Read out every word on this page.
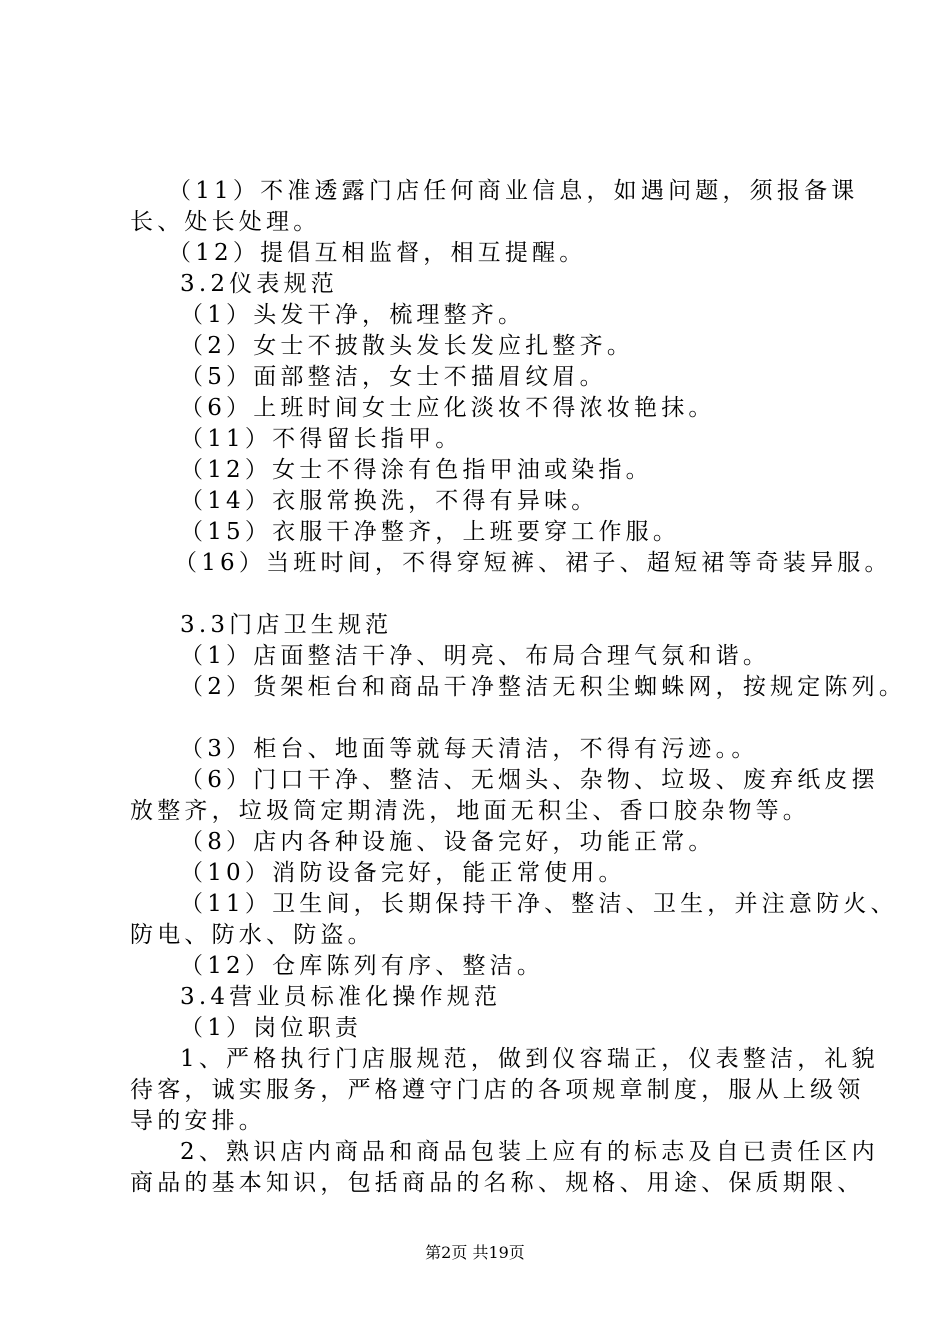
（11）不准透露门店任何商业信息，如遇问题，须报备课
长、处长处理。
（12）提倡互相监督，相互提醒。
3.2仪表规范
（1）头发干净，梳理整齐。
（2）女士不披散头发长发应扎整齐。
（5）面部整洁，女士不描眉纹眉。
（6）上班时间女士应化淡妆不得浓妆艳抹。
（11）不得留长指甲。
（12）女士不得涂有色指甲油或染指。
（14）衣服常换洗，不得有异味。
（15）衣服干净整齐，上班要穿工作服。
（16）当班时间，不得穿短裤、裙子、超短裙等奇装异服。
3.3门店卫生规范
（1）店面整洁干净、明亮、布局合理气氛和谐。
（2）货架柜台和商品干净整洁无积尘蜘蛛网，按规定陈列。
（3）柜台、地面等就每天清洁，不得有污迹。。
（6）门口干净、整洁、无烟头、杂物、垃圾、废弃纸皮摆
放整齐，垃圾筒定期清洗，地面无积尘、香口胶杂物等。
（8）店内各种设施、设备完好，功能正常。
（10）消防设备完好，能正常使用。
（11）卫生间，长期保持干净、整洁、卫生，并注意防火、
防电、防水、防盗。
（12）仓库陈列有序、整洁。
3.4营业员标准化操作规范
（1）岗位职责
1、严格执行门店服规范，做到仪容瑞正，仪表整洁，礼貌
待客，诚实服务，严格遵守门店的各项规章制度，服从上级领
导的安排。
2、熟识店内商品和商品包装上应有的标志及自已责任区内
商品的基本知识，包括商品的名称、规格、用途、保质期限、
第2页 共19页
